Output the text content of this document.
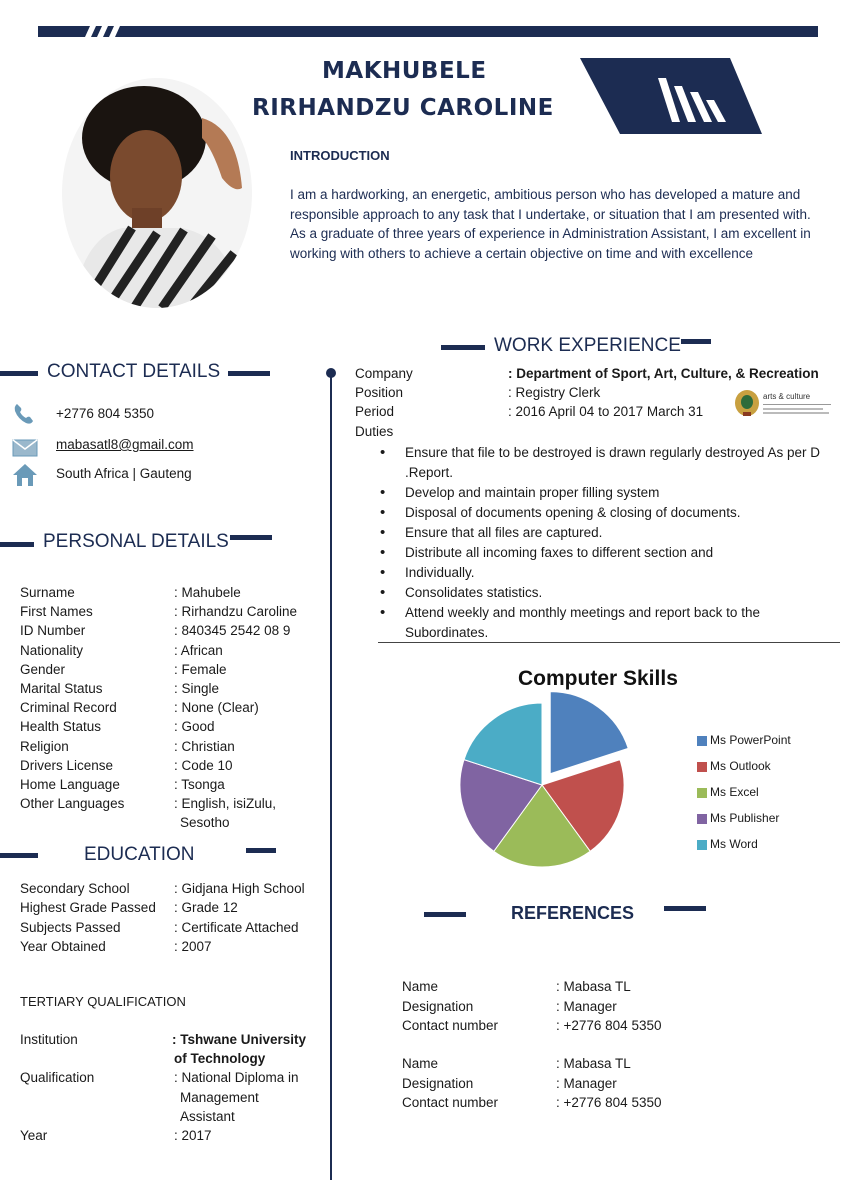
MAKHUBELE
RIRHANDZU CAROLINE
INTRODUCTION
I am a hardworking, an energetic, ambitious person who has developed a mature and responsible approach to any task that I undertake, or situation that I am presented with. As a graduate of three years of experience in Administration Assistant, I am excellent in working with others to achieve a certain objective on time and with excellence
CONTACT DETAILS
+2776 804 5350
mabasatl8@gmail.com
South Africa | Gauteng
PERSONAL DETAILS
Surname	: Mahubele
First Names	: Rirhandzu Caroline
ID Number	: 840345 2542 08 9
Nationality	: African
Gender	: Female
Marital Status	: Single
Criminal Record	: None (Clear)
Health Status	: Good
Religion	: Christian
Drivers License	: Code 10
Home Language	: Tsonga
Other Languages	: English, isiZulu,
Sesotho
EDUCATION
Secondary School	: Gidjana High School
Highest Grade Passed : Grade 12
Subjects Passed	: Certificate Attached
Year Obtained	: 2007
TERTIARY QUALIFICATION
Institution	: Tshwane University
of Technology
Qualification	: National Diploma in
Management
Assistant
Year	: 2017
WORK EXPERIENCE
Company	: Department of Sport, Art, Culture, & Recreation
Position	: Registry Clerk
Period	: 2016 April 04 to 2017 March 31
Duties
arts & culture
• Ensure that file to be destroyed is drawn regularly destroyed As per D .Report.
• Develop and maintain proper filling system
• Disposal of documents opening & closing of documents.
• Ensure that all files are captured.
• Distribute all incoming faxes to different section and
• Individually.
• Consolidates statistics.
• Attend weekly and monthly meetings and report back to the Subordinates.
Computer Skills
Ms PowerPoint
Ms Outlook
Ms Excel
Ms Publisher
Ms Word
REFERENCES
Name	: Mabasa TL
Designation	: Manager
Contact number	: +2776 804 5350
Name	: Mabasa TL
Designation	: Manager
Contact number	: +2776 804 5350
